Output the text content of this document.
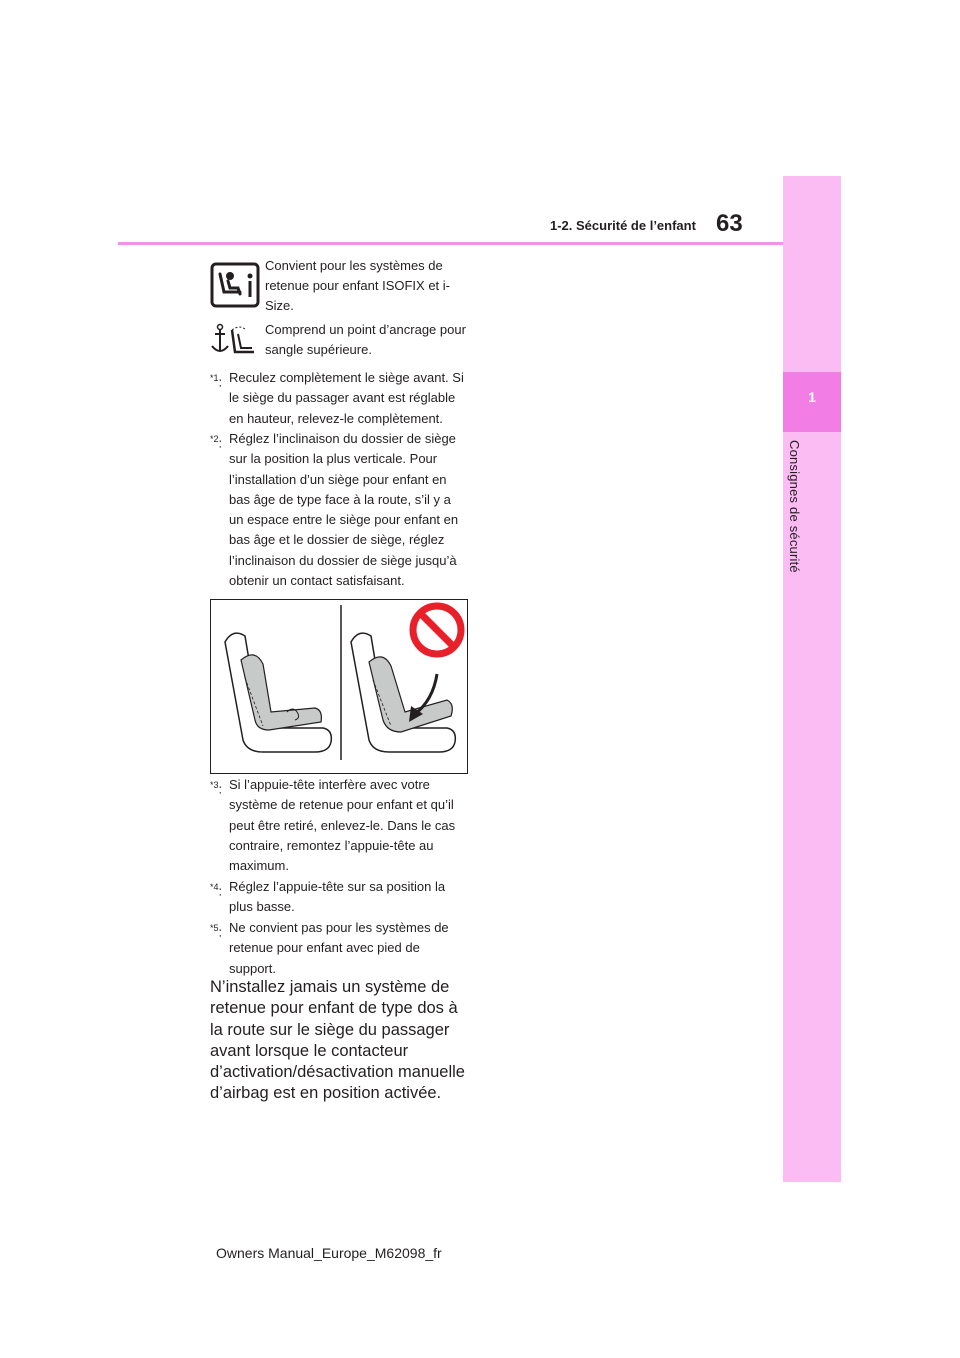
1
Consignes de sécurité
1-2. Sécurité de l’enfant 63
Convient pour les systèmes de retenue pour enfant ISOFIX et i-Size.
Comprend un point d’ancrage pour sangle supérieure.
$^{*1}$: Reculez complètement le siège avant. Si le siège du passager avant est réglable en hauteur, relevez-le complètement.
$^{*2}$: Réglez l’inclinaison du dossier de siège sur la position la plus verticale. Pour l’installation d’un siège pour enfant en bas âge de type face à la route, s’il y a un espace entre le siège pour enfant en bas âge et le dossier de siège, réglez l’inclinaison du dossier de siège jusqu’à obtenir un contact satisfaisant.
$^{*3}$: Si l’appuie-tête interfère avec votre système de retenue pour enfant et qu’il peut être retiré, enlevez-le. Dans le cas contraire, remontez l’appuie-tête au maximum.
$^{*4}$: Réglez l’appuie-tête sur sa position la plus basse.
$^{*5}$: Ne convient pas pour les systèmes de retenue pour enfant avec pied de support.
N’installez jamais un système de retenue pour enfant de type dos à la route sur le siège du passager avant lorsque le contacteur d’activation/désactivation manuelle d’airbag est en position activée.
Owners Manual_Europe_M62098_fr
